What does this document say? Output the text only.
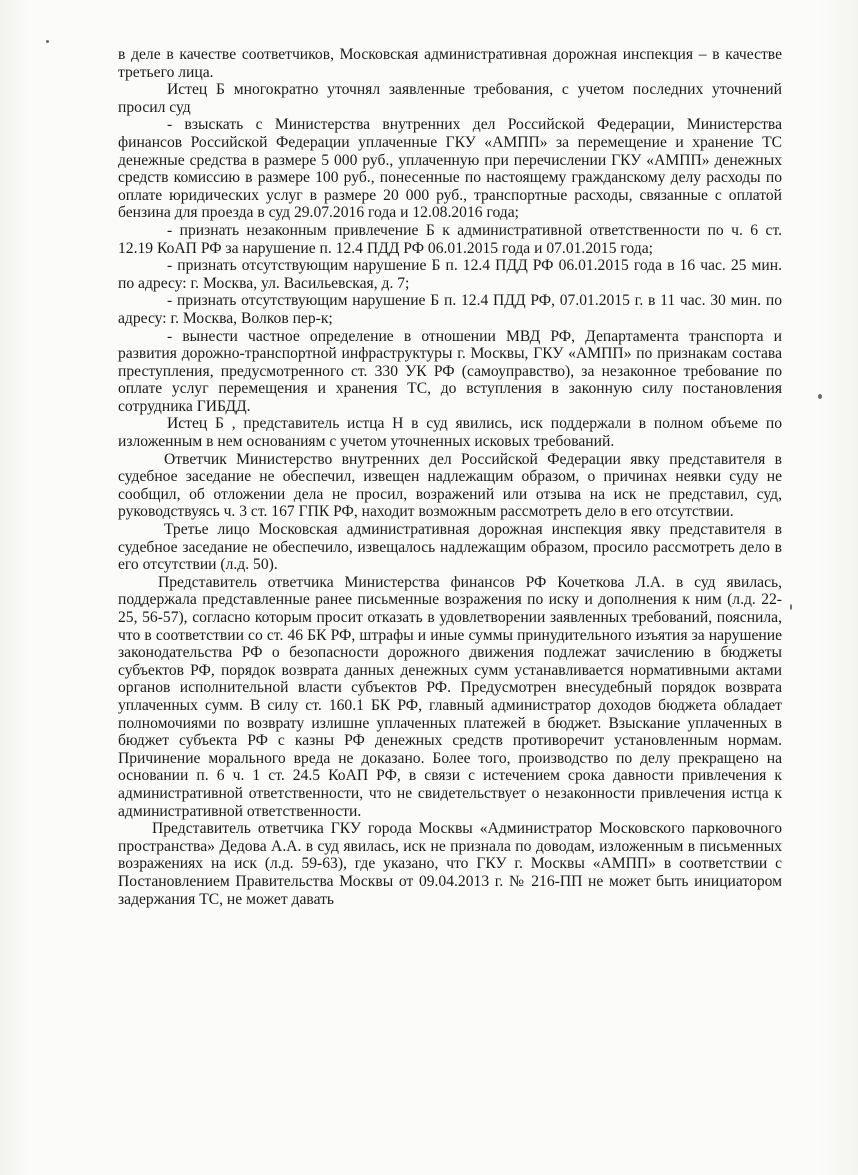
в деле в качестве соответчиков, Московская административная дорожная инспекция – в качестве третьего лица.

Истец Б многократно уточнял заявленные требования, с учетом последних уточнений просил суд

- взыскать с Министерства внутренних дел Российской Федерации, Министерства финансов Российской Федерации уплаченные ГКУ «АМПП» за перемещение и хранение ТС денежные средства в размере 5 000 руб., уплаченную при перечислении ГКУ «АМПП» денежных средств комиссию в размере 100 руб., понесенные по настоящему гражданскому делу расходы по оплате юридических услуг в размере 20 000 руб., транспортные расходы, связанные с оплатой бензина для проезда в суд 29.07.2016 года и 12.08.2016 года;

- признать незаконным привлечение Б к административной ответственности по ч. 6 ст. 12.19 КоАП РФ за нарушение п. 12.4 ПДД РФ 06.01.2015 года и 07.01.2015 года;

- признать отсутствующим нарушение Б п. 12.4 ПДД РФ 06.01.2015 года в 16 час. 25 мин. по адресу: г. Москва, ул. Васильевская, д. 7;

- признать отсутствующим нарушение Б п. 12.4 ПДД РФ, 07.01.2015 г. в 11 час. 30 мин. по адресу: г. Москва, Волков пер-к;

- вынести частное определение в отношении МВД РФ, Департамента транспорта и развития дорожно-транспортной инфраструктуры г. Москвы, ГКУ «АМПП» по признакам состава преступления, предусмотренного ст. 330 УК РФ (самоуправство), за незаконное требование по оплате услуг перемещения и хранения ТС, до вступления в законную силу постановления сотрудника ГИБДД.

Истец Б , представитель истца Н в суд явились, иск поддержали в полном объеме по изложенным в нем основаниям с учетом уточненных исковых требований.

Ответчик Министерство внутренних дел Российской Федерации явку представителя в судебное заседание не обеспечил, извещен надлежащим образом, о причинах неявки суду не сообщил, об отложении дела не просил, возражений или отзыва на иск не представил, суд, руководствуясь ч. 3 ст. 167 ГПК РФ, находит возможным рассмотреть дело в его отсутствии.

Третье лицо Московская административная дорожная инспекция явку представителя в судебное заседание не обеспечило, извещалось надлежащим образом, просило рассмотреть дело в его отсутствии (л.д. 50).

Представитель ответчика Министерства финансов РФ Кочеткова Л.А. в суд явилась, поддержала представленные ранее письменные возражения по иску и дополнения к ним (л.д. 22-25, 56-57), согласно которым просит отказать в удовлетворении заявленных требований, пояснила, что в соответствии со ст. 46 БК РФ, штрафы и иные суммы принудительного изъятия за нарушение законодательства РФ о безопасности дорожного движения подлежат зачислению в бюджеты субъектов РФ, порядок возврата данных денежных сумм устанавливается нормативными актами органов исполнительной власти субъектов РФ. Предусмотрен внесудебный порядок возврата уплаченных сумм. В силу ст. 160.1 БК РФ, главный администратор доходов бюджета обладает полномочиями по возврату излишне уплаченных платежей в бюджет. Взыскание уплаченных в бюджет субъекта РФ с казны РФ денежных средств противоречит установленным нормам. Причинение морального вреда не доказано. Более того, производство по делу прекращено на основании п. 6 ч. 1 ст. 24.5 КоАП РФ, в связи с истечением срока давности привлечения к административной ответственности, что не свидетельствует о незаконности привлечения истца к административной ответственности.

Представитель ответчика ГКУ города Москвы «Администратор Московского парковочного пространства» Дедова А.А. в суд явилась, иск не признала по доводам, изложенным в письменных возражениях на иск (л.д. 59-63), где указано, что ГКУ г. Москвы «АМПП» в соответствии с Постановлением Правительства Москвы от 09.04.2013 г. № 216-ПП не может быть инициатором задержания ТС, не может давать
